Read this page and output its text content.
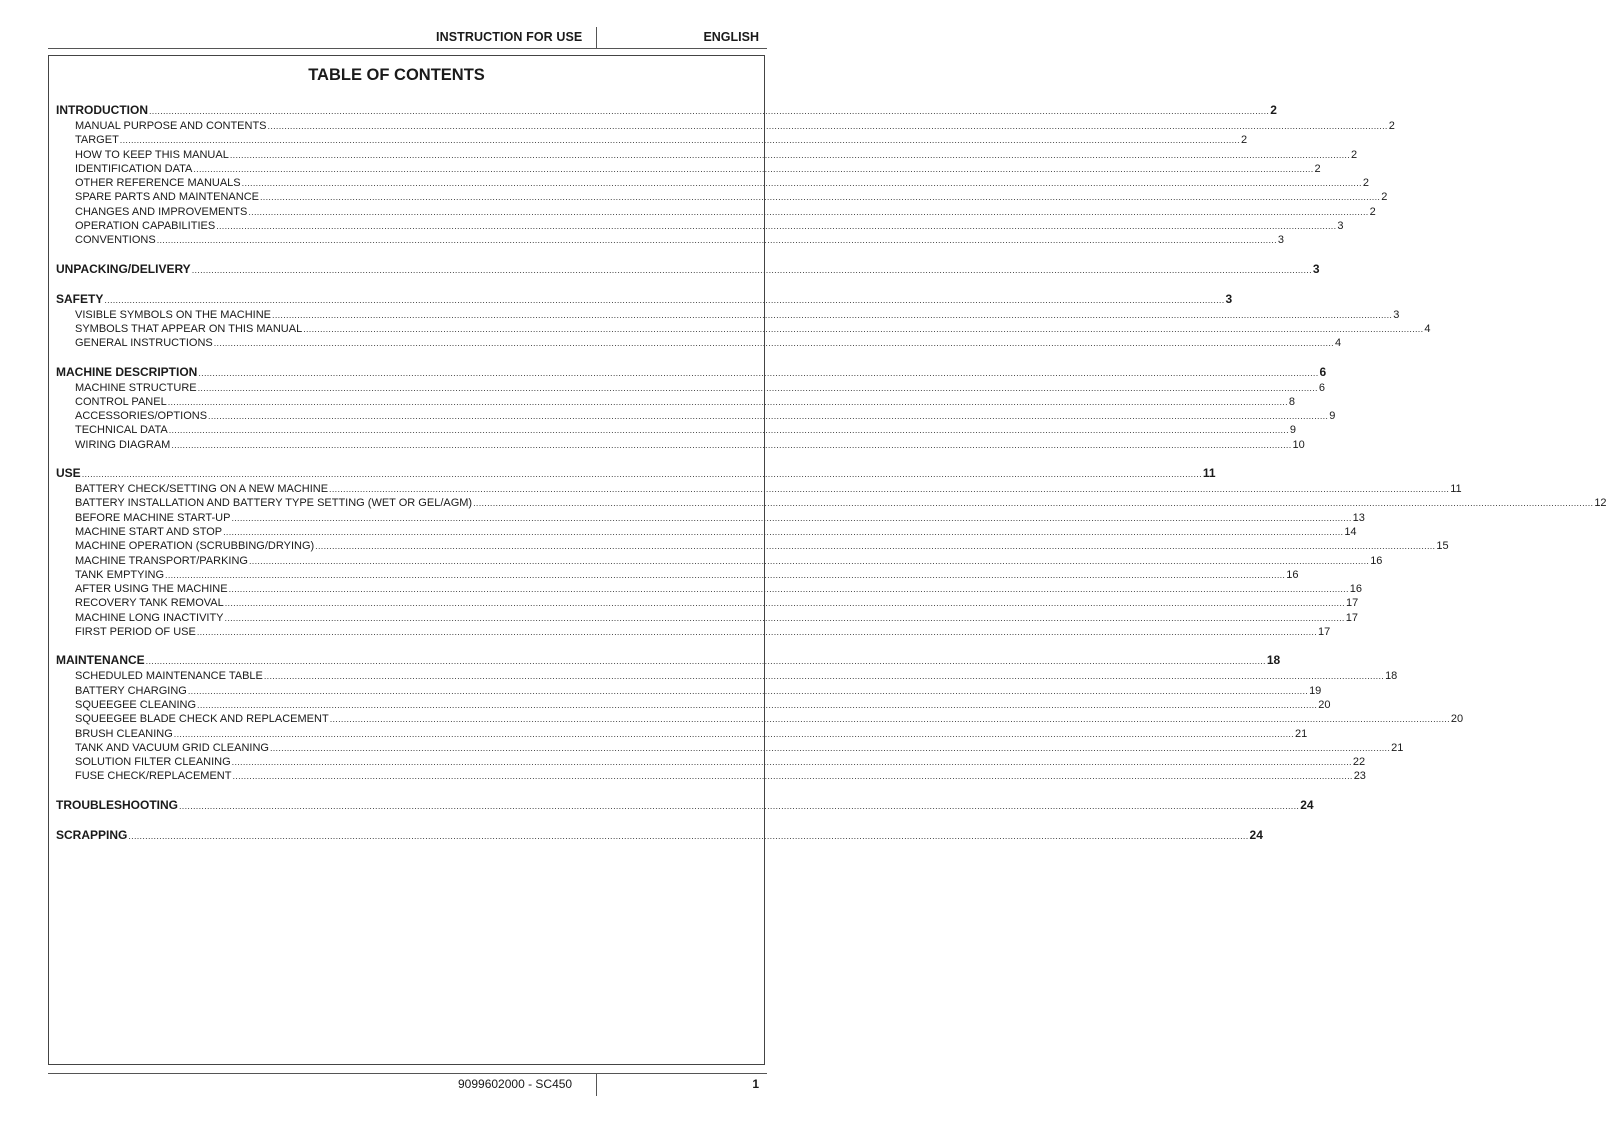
INSTRUCTION FOR USE	ENGLISH
TABLE OF CONTENTS
INTRODUCTION ................................................................................................................................................................................................................................................................................................................................................................................................................ 2
MANUAL PURPOSE AND CONTENTS ................................................................................................................................................................................................................................................................................................................................................................................................................ 2
TARGET ................................................................................................................................................................................................................................................................................................................................................................................................................ 2
HOW TO KEEP THIS MANUAL ................................................................................................................................................................................................................................................................................................................................................................................................................ 2
IDENTIFICATION DATA ................................................................................................................................................................................................................................................................................................................................................................................................................ 2
OTHER REFERENCE MANUALS ................................................................................................................................................................................................................................................................................................................................................................................................................ 2
SPARE PARTS AND MAINTENANCE ................................................................................................................................................................................................................................................................................................................................................................................................................ 2
CHANGES AND IMPROVEMENTS ................................................................................................................................................................................................................................................................................................................................................................................................................ 2
OPERATION CAPABILITIES ................................................................................................................................................................................................................................................................................................................................................................................................................ 3
CONVENTIONS ................................................................................................................................................................................................................................................................................................................................................................................................................ 3
UNPACKING/DELIVERY ................................................................................................................................................................................................................................................................................................................................................................................................................ 3
SAFETY ................................................................................................................................................................................................................................................................................................................................................................................................................ 3
VISIBLE SYMBOLS ON THE MACHINE ................................................................................................................................................................................................................................................................................................................................................................................................................ 3
SYMBOLS THAT APPEAR ON THIS MANUAL ................................................................................................................................................................................................................................................................................................................................................................................................................ 4
GENERAL INSTRUCTIONS ................................................................................................................................................................................................................................................................................................................................................................................................................ 4
MACHINE DESCRIPTION ................................................................................................................................................................................................................................................................................................................................................................................................................ 6
MACHINE STRUCTURE ................................................................................................................................................................................................................................................................................................................................................................................................................ 6
CONTROL PANEL ................................................................................................................................................................................................................................................................................................................................................................................................................ 8
ACCESSORIES/OPTIONS ................................................................................................................................................................................................................................................................................................................................................................................................................ 9
TECHNICAL DATA ................................................................................................................................................................................................................................................................................................................................................................................................................ 9
WIRING DIAGRAM ................................................................................................................................................................................................................................................................................................................................................................................................................ 10
USE ................................................................................................................................................................................................................................................................................................................................................................................................................ 11
BATTERY CHECK/SETTING ON A NEW MACHINE ................................................................................................................................................................................................................................................................................................................................................................................................................ 11
BATTERY INSTALLATION AND BATTERY TYPE SETTING (WET OR GEL/AGM) ................................................................................................................................................................................................................................................................................................................................................................................................................ 12
BEFORE MACHINE START-UP ................................................................................................................................................................................................................................................................................................................................................................................................................ 13
MACHINE START AND STOP ................................................................................................................................................................................................................................................................................................................................................................................................................ 14
MACHINE OPERATION (SCRUBBING/DRYING) ................................................................................................................................................................................................................................................................................................................................................................................................................ 15
MACHINE TRANSPORT/PARKING ................................................................................................................................................................................................................................................................................................................................................................................................................ 16
TANK EMPTYING ................................................................................................................................................................................................................................................................................................................................................................................................................ 16
AFTER USING THE MACHINE ................................................................................................................................................................................................................................................................................................................................................................................................................ 16
RECOVERY TANK REMOVAL ................................................................................................................................................................................................................................................................................................................................................................................................................ 17
MACHINE LONG INACTIVITY ................................................................................................................................................................................................................................................................................................................................................................................................................ 17
FIRST PERIOD OF USE ................................................................................................................................................................................................................................................................................................................................................................................................................ 17
MAINTENANCE ................................................................................................................................................................................................................................................................................................................................................................................................................ 18
SCHEDULED MAINTENANCE TABLE ................................................................................................................................................................................................................................................................................................................................................................................................................ 18
BATTERY CHARGING ................................................................................................................................................................................................................................................................................................................................................................................................................ 19
SQUEEGEE CLEANING ................................................................................................................................................................................................................................................................................................................................................................................................................ 20
SQUEEGEE BLADE CHECK AND REPLACEMENT ................................................................................................................................................................................................................................................................................................................................................................................................................ 20
BRUSH CLEANING ................................................................................................................................................................................................................................................................................................................................................................................................................ 21
TANK AND VACUUM GRID CLEANING ................................................................................................................................................................................................................................................................................................................................................................................................................ 21
SOLUTION FILTER CLEANING ................................................................................................................................................................................................................................................................................................................................................................................................................ 22
FUSE CHECK/REPLACEMENT ................................................................................................................................................................................................................................................................................................................................................................................................................ 23
TROUBLESHOOTING ................................................................................................................................................................................................................................................................................................................................................................................................................ 24
SCRAPPING ................................................................................................................................................................................................................................................................................................................................................................................................................ 24
9099602000 - SC450	1
